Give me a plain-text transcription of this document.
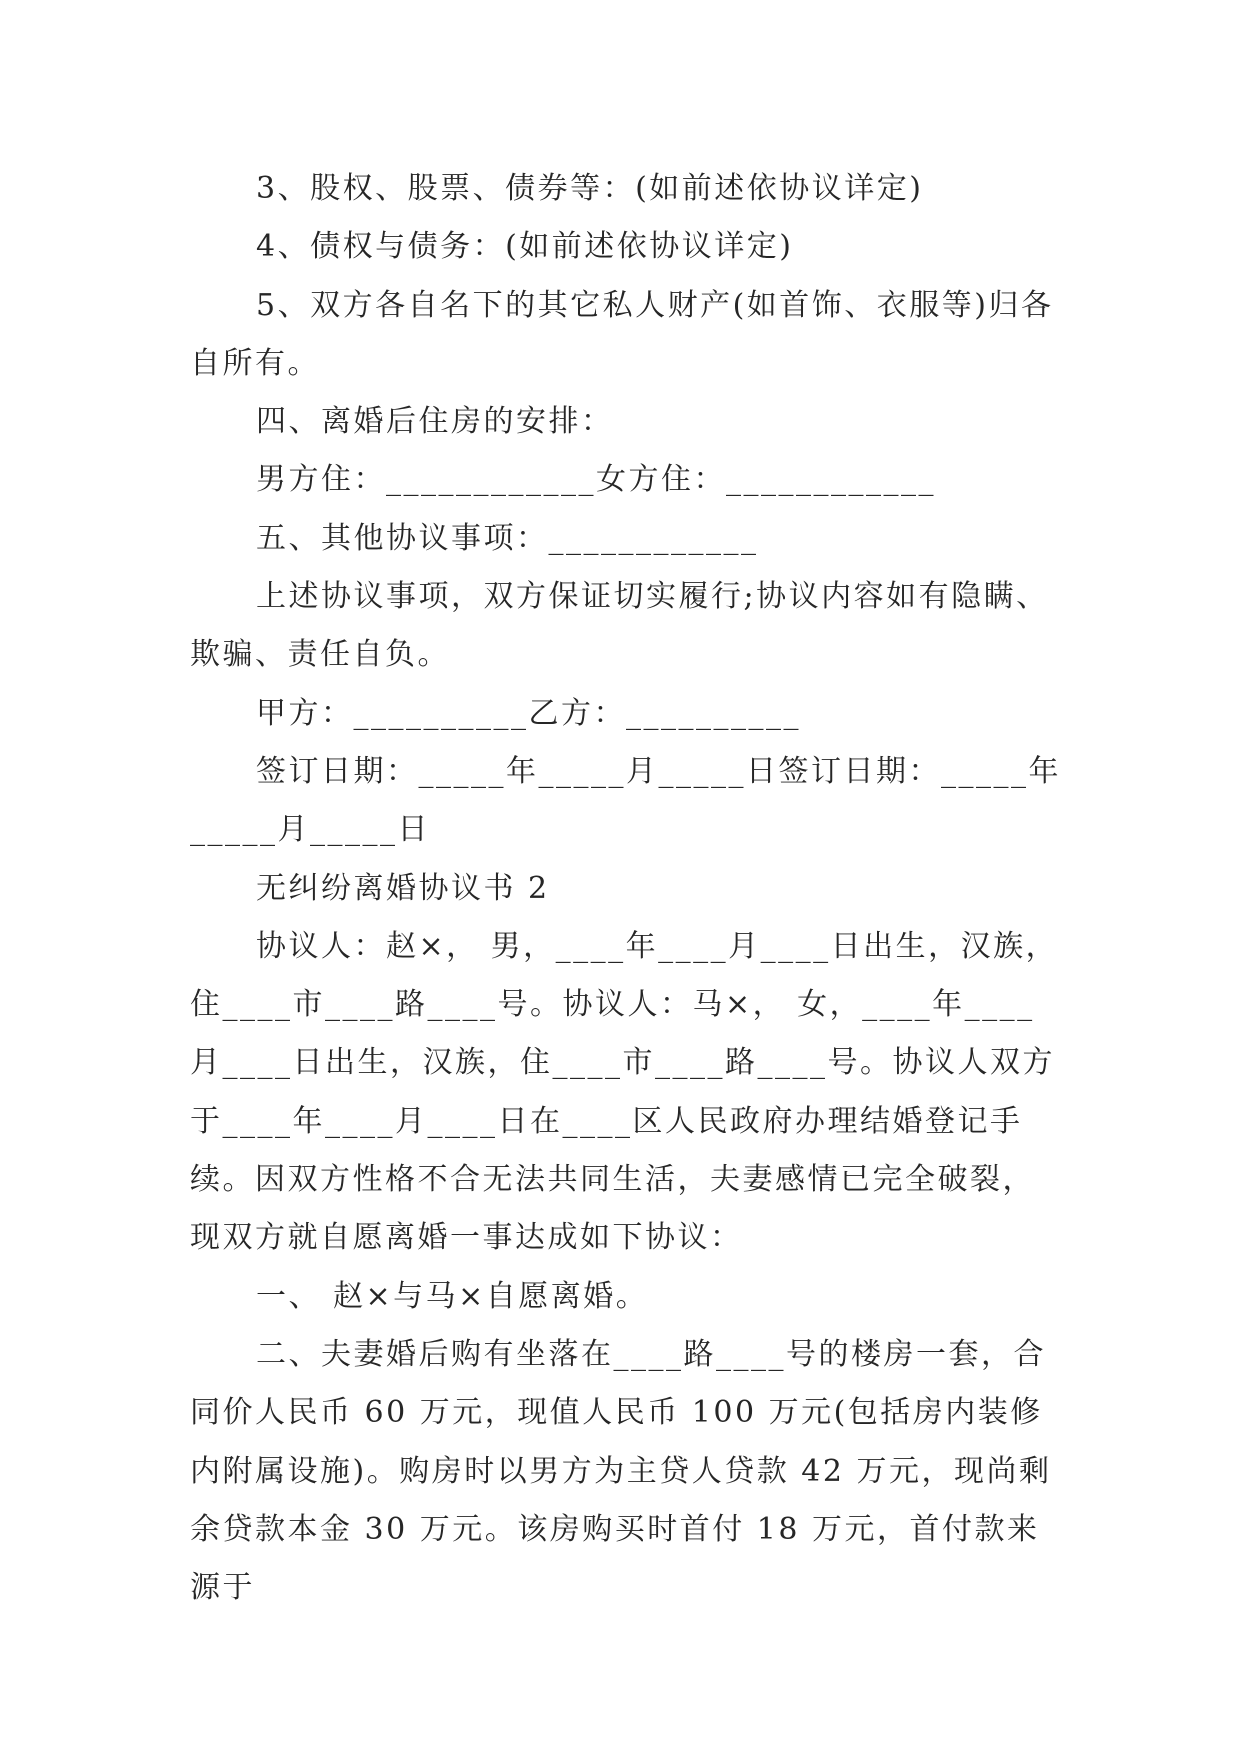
3、股权、股票、债券等：(如前述依协议详定)

4、债权与债务：(如前述依协议详定)

5、双方各自名下的其它私人财产(如首饰、衣服等)归各自所有。

四、离婚后住房的安排：

男方住：____________女方住：____________

五、其他协议事项：____________

上述协议事项，双方保证切实履行;协议内容如有隐瞒、欺骗、责任自负。

甲方：__________乙方：__________

签订日期：_____年_____月_____日签订日期：_____年_____月_____日

无纠纷离婚协议书 2

协议人：赵×， 男，____年____月____日出生，汉族，住____市____路____号。协议人：马×， 女，____年____月____日出生，汉族，住____市____路____号。协议人双方于____年____月____日在____区人民政府办理结婚登记手续。因双方性格不合无法共同生活，夫妻感情已完全破裂，现双方就自愿离婚一事达成如下协议：

一、 赵×与马×自愿离婚。

二、夫妻婚后购有坐落在____路____号的楼房一套，合同价人民币 60 万元，现值人民币 100 万元(包括房内装修内附属设施)。购房时以男方为主贷人贷款 42 万元，现尚剩余贷款本金 30 万元。该房购买时首付 18 万元，首付款来源于
